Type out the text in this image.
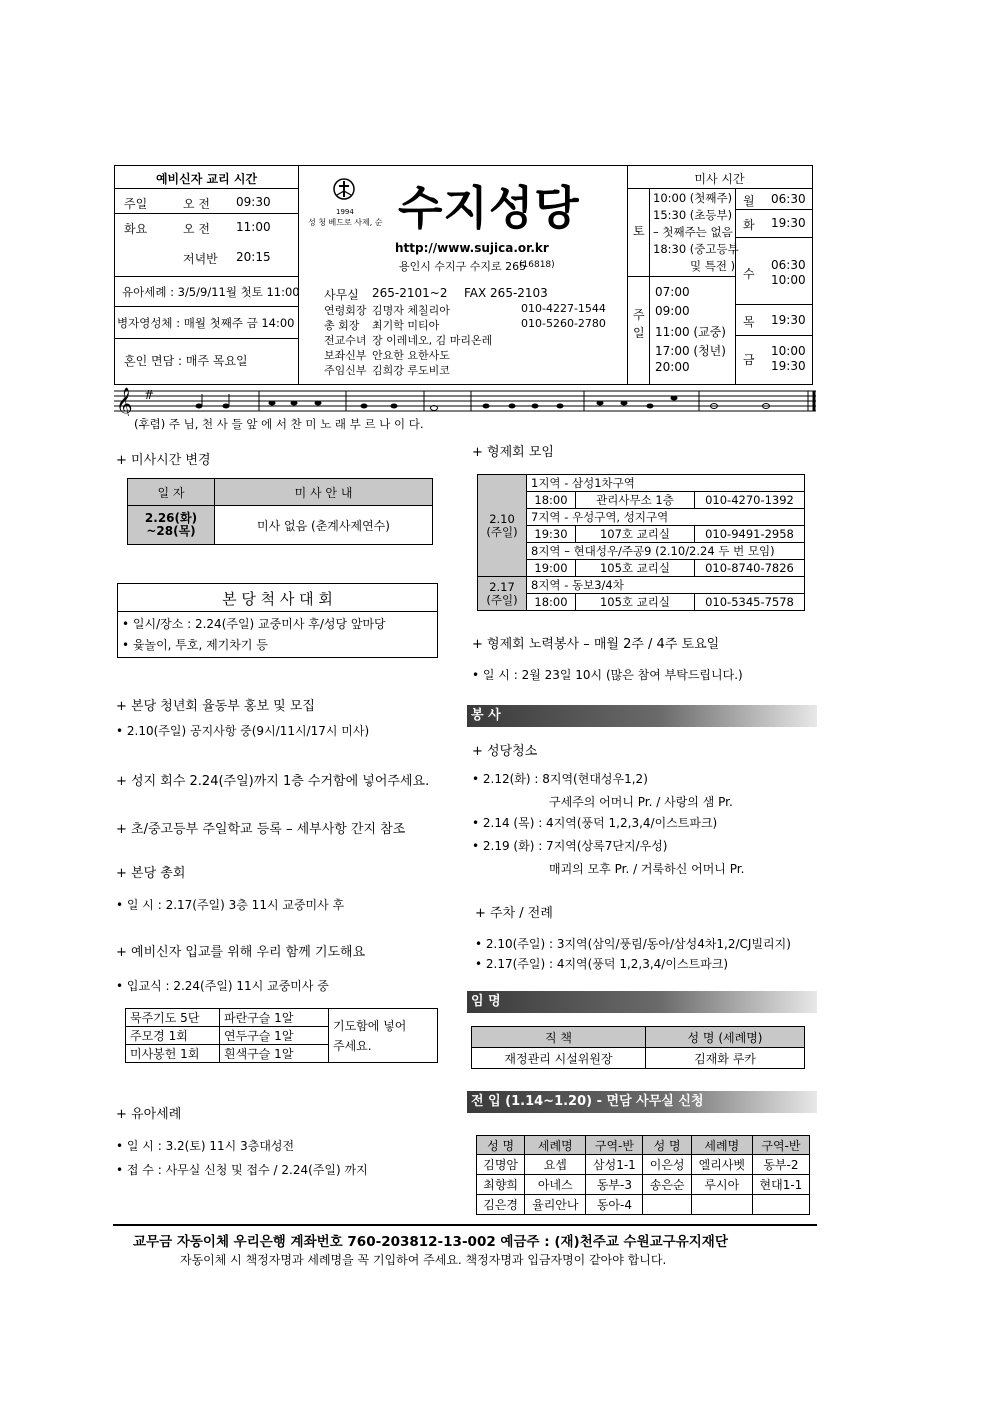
예비신자 교리 시간
주일	오 전 09:30
화요	오 전 11:00
저녁반 20:15
유아세례 : 3/5/9/11월 첫토 11:00
병자영성체 : 매월 첫째주 금 14:00
혼인 면담 : 매주 목요일
1994
성 청 베드로 사제, 순 수지성당
http://www.sujica.or.kr
용인시 수지구 수지로 265
(16818)
사무실 265-2101~2 FAX 265-2103
연령회장 김명자 체칠리아	010-4227-1544
총 회장 최기학 미티아	010-5260-2780
전교수녀 장 이레네오, 김 마리온레
보좌신부 안요한 요한사도
주임신부 김희강 루도비코
미사 시간
토
10:00 (첫째주)
15:30 (초등부)
– 첫째주는 없음
18:30 (중고등부
및 특전 )
주일
07:00
09:00
11:00 (교중)
17:00 (청년)
20:00
월 06:30
화 19:30
수
06:30
10:00
목 19:30
금
10:00
19:30
𝄞 #
(후렴) 주 님, 천 사 들 앞 에 서 찬 미 노 래 부 르 나 이 다.
+ 미사시간 변경
일 자	미 사 안 내
2.26(화)
~28(목)	미사 없음 (춘계사제연수)
본 당 척 사 대 회
• 일시/장소 : 2.24(주일) 교중미사 후/성당 앞마당
• 윷놀이, 투호, 제기차기 등
+ 본당 청년회 율동부 홍보 및 모집
• 2.10(주일) 공지사항 중(9시/11시/17시 미사)
+ 성지 회수 2.24(주일)까지 1층 수거함에 넣어주세요.
+ 초/중고등부 주일학교 등록 – 세부사항 간지 참조
+ 본당 총회
• 일 시 : 2.17(주일) 3층 11시 교중미사 후
+ 예비신자 입교를 위해 우리 함께 기도해요
• 입교식 : 2.24(주일) 11시 교중미사 중
묵주기도 5단	파란구슬 1알	기도함에 넣어
주세요.
주모경 1회	연두구슬 1알	
미사봉헌 1회	흰색구슬 1알	
+ 유아세례
• 일 시 : 3.2(토) 11시 3층대성전
• 접 수 : 사무실 신청 및 접수 / 2.24(주일) 까지
+ 형제회 모임
2.10
(주일)	1지역 - 삼성1차구역		
	18:00	관리사무소 1층	010-4270-1392
	7지역 - 우성구역, 성지구역		
	19:30	107호 교리실	010-9491-2958
	8지역 – 현대성우/주공9 (2.10/2.24 두 번 모임)		
	19:00	105호 교리실	010-8740-7826
2.17
(주일)	8지역 - 동보3/4차		
	18:00	105호 교리실	010-5345-7578
+ 형제회 노력봉사 – 매월 2주 / 4주 토요일
• 일 시 : 2월 23일 10시 (많은 참여 부탁드립니다.)
봉 사
+ 성당청소
• 2.12(화) : 8지역(현대성우1,2)
구세주의 어머니 Pr. / 사랑의 샘 Pr.
• 2.14 (목) : 4지역(풍덕 1,2,3,4/이스트파크)
• 2.19 (화) : 7지역(상록7단지/우성)
매괴의 모후 Pr. / 거룩하신 어머니 Pr.
+ 주차 / 전례
• 2.10(주일) : 3지역(삼익/풍림/동아/삼성4차1,2/CJ빌리지)
• 2.17(주일) : 4지역(풍덕 1,2,3,4/이스트파크)
임 명
직 책	성 명 (세례명)
재정관리 시설위원장	김재화 루카
전 입 (1.14~1.20) - 면담 사무실 신청
성 명	세례명	구역-반	성 명	세례명	구역-반
김명암	요셉	삼성1-1	이은성	엘리사벳	동부-2
최향희	아네스	동부-3	송은순	루시아	현대1-1
김은경	율리안나	동아-4			
교무금 자동이체 우리은행 계좌번호 760-203812-13-002 예금주 : (재)천주교 수원교구유지재단
자동이체 시 책정자명과 세례명을 꼭 기입하여 주세요. 책정자명과 입금자명이 같아야 합니다.
